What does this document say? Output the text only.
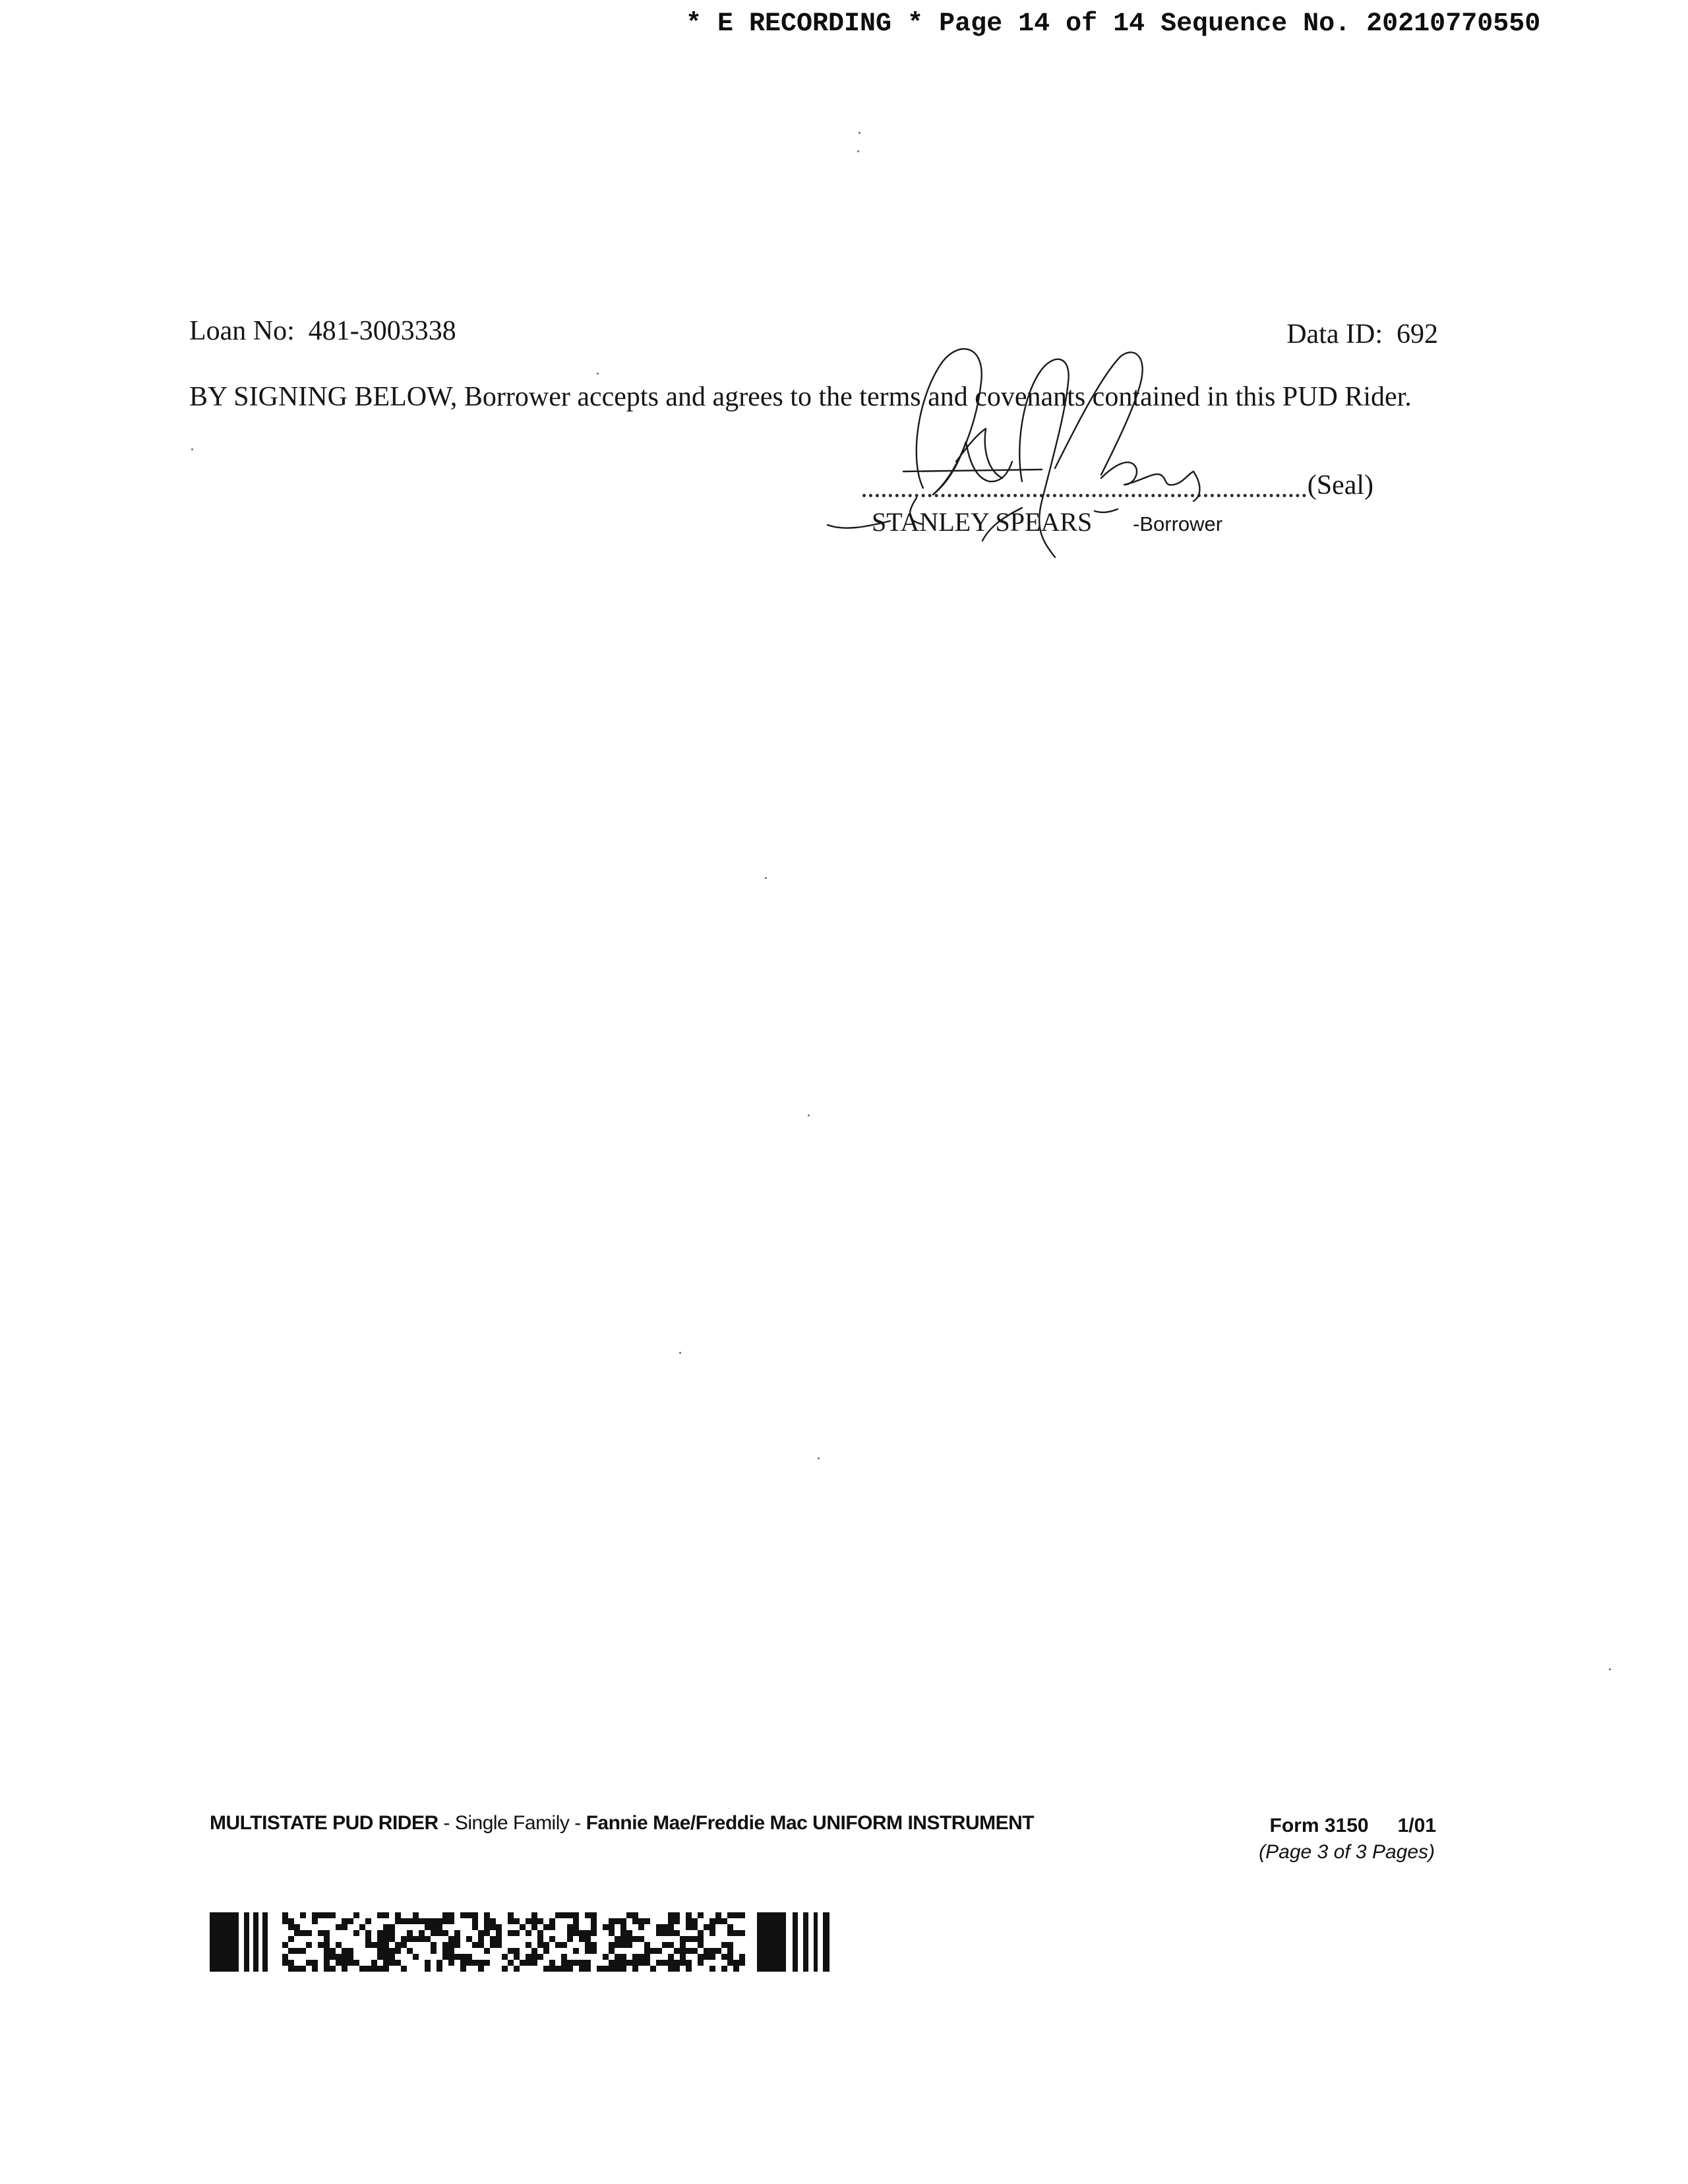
* E RECORDING * Page 14 of 14 Sequence No. 20210770550
Loan No: 481-3003338	Data ID: 692
BY SIGNING BELOW, Borrower accepts and agrees to the terms and covenants contained in this PUD Rider.
(Seal)
STANLEY SPEARS -Borrower
MULTISTATE PUD RIDER - Single Family - Fannie Mae/Freddie Mac UNIFORM INSTRUMENT	Form 3150 1/01
(Page 3 of 3 Pages)
